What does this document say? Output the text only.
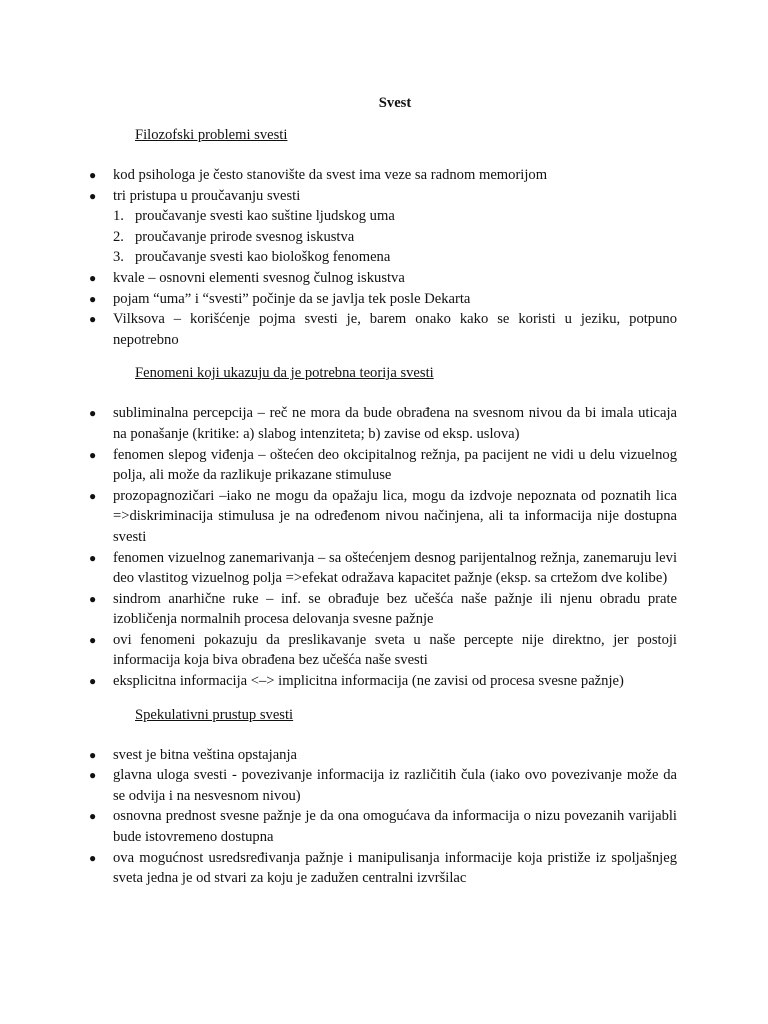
Svest
Filozofski problemi svesti
● kod psihologa je često stanovište da svest ima veze sa radnom memorijom
● tri pristupa u proučavanju svesti
1. proučavanje svesti kao suštine ljudskog uma
2. proučavanje prirode svesnog iskustva
3. proučavanje svesti kao biološkog fenomena
● kvale – osnovni elementi svesnog čulnog iskustva
● pojam “uma” i “svesti” počinje da se javlja tek posle Dekarta
● Vilksova – korišćenje pojma svesti je, barem onako kako se koristi u jeziku, potpuno nepotrebno
Fenomeni koji ukazuju da je potrebna teorija svesti
● subliminalna percepcija – reč ne mora da bude obrađena na svesnom nivou da bi imala uticaja na ponašanje (kritike: a) slabog intenziteta; b) zavise od eksp. uslova)
● fenomen slepog viđenja – oštećen deo okcipitalnog režnja, pa pacijent ne vidi u delu vizuelnog polja, ali može da razlikuje prikazane stimuluse
● prozopagnozičari –iako ne mogu da opažaju lica, mogu da izdvoje nepoznata od poznatih lica =>diskriminacija stimulusa je na određenom nivou načinjena, ali ta informacija nije dostupna svesti
● fenomen vizuelnog zanemarivanja – sa oštećenjem desnog parijentalnog režnja, zanemaruju levi deo vlastitog vizuelnog polja =>efekat odražava kapacitet pažnje (eksp. sa crtežom dve kolibe)
● sindrom anarhične ruke – inf. se obrađuje bez učešća naše pažnje ili njenu obradu prate izobličenja normalnih procesa delovanja svesne pažnje
● ovi fenomeni pokazuju da preslikavanje sveta u naše percepte nije direktno, jer postoji informacija koja biva obrađena bez učešća naše svesti
● eksplicitna informacija <–> implicitna informacija (ne zavisi od procesa svesne pažnje)
Spekulativni prustup svesti
● svest je bitna veština opstajanja
● glavna uloga svesti - povezivanje informacija iz različitih čula (iako ovo povezivanje može da se odvija i na nesvesnom nivou)
● osnovna prednost svesne pažnje je da ona omogućava da informacija o nizu povezanih varijabli bude istovremeno dostupna
● ova mogućnost usredsređivanja pažnje i manipulisanja informacije koja pristiže iz spoljašnjeg sveta jedna je od stvari za koju je zadužen centralni izvršilac
